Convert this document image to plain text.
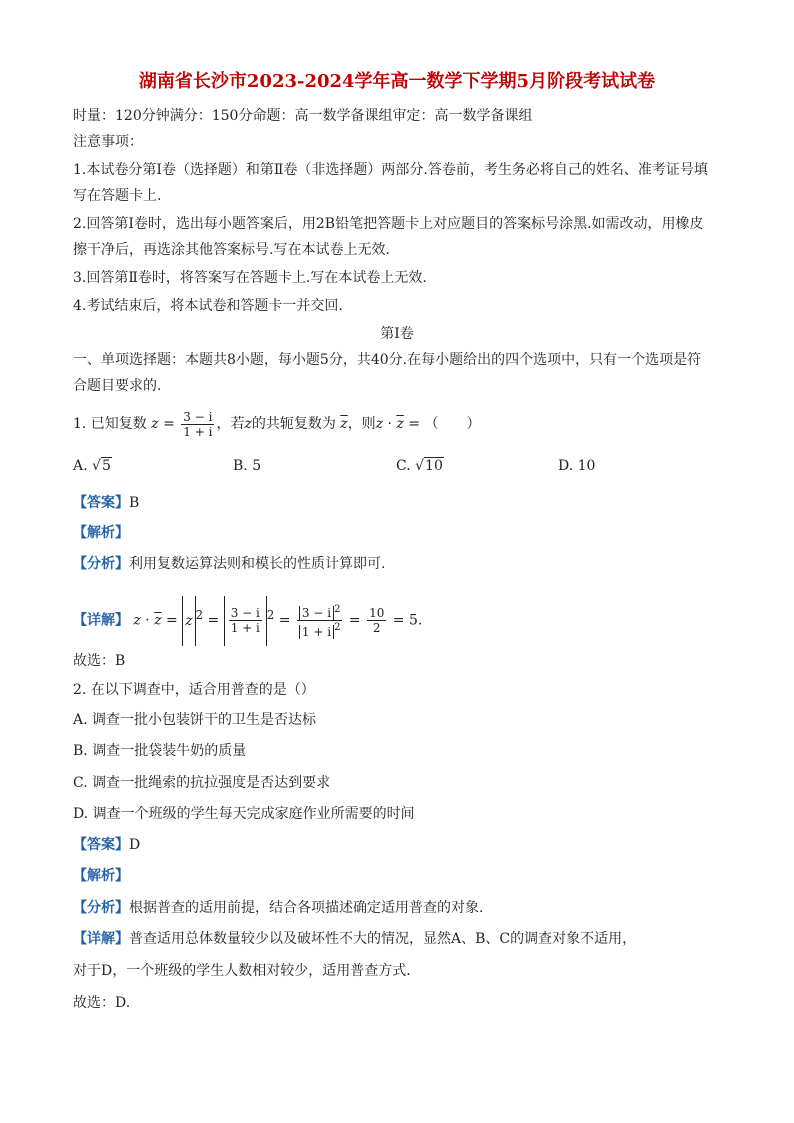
湖南省长沙市2023-2024学年高一数学下学期5月阶段考试试卷
时量：120分钟满分：150分命题：高一数学备课组审定：高一数学备课组
注意事项：
1.本试卷分第Ⅰ卷（选择题）和第Ⅱ卷（非选择题）两部分.答卷前，考生务必将自己的姓名、准考证号填
写在答题卡上.
2.回答第Ⅰ卷时，选出每小题答案后，用2B铅笔把答题卡上对应题目的答案标号涂黑.如需改动，用橡皮
擦干净后，再选涂其他答案标号.写在本试卷上无效.
3.回答第Ⅱ卷时，将答案写在答题卡上.写在本试卷上无效.
4.考试结束后，将本试卷和答题卡一并交回.
第Ⅰ卷
一、单项选择题：本题共8小题，每小题5分，共40分.在每小题给出的四个选项中，只有一个选项是符
合题目要求的.
1. 已知复数 $z = \frac{3 - i}{1 + i}$ ，若z的共轭复数为 $\overline{z}$，则$z \cdot \overline{z}$ = （　　）
A. √5	B. 5	C. √10	D. 10
【答案】B
【解析】
【分析】利用复数运算法则和模长的性质计算即可.
【详解】 $z \cdot \overline{z} = z$ $^2 = \frac{3 - i}{1 + i} ^2 = \frac{3 - i ^2}{1 + i ^2} = \frac{10}{2} = 5$.
故选：B
2. 在以下调查中，适合用普查的是（）
A. 调查一批小包装饼干的卫生是否达标
B. 调查一批袋装牛奶的质量
C. 调查一批绳索的抗拉强度是否达到要求
D. 调查一个班级的学生每天完成家庭作业所需要的时间
【答案】D
【解析】
【分析】根据普查的适用前提，结合各项描述确定适用普查的对象.
【详解】普查适用总体数量较少以及破坏性不大的情况，显然A、B、C的调查对象不适用，
对于D，一个班级的学生人数相对较少，适用普查方式.
故选：D.
